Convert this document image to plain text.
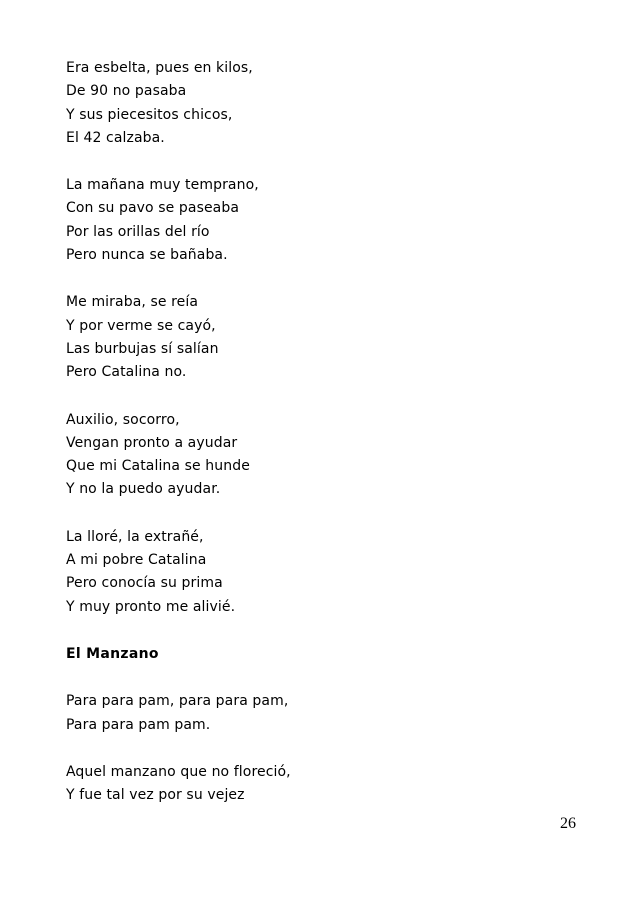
Era esbelta, pues en kilos,
De 90 no pasaba
Y sus piecesitos chicos,
El 42 calzaba.
La mañana muy temprano,
Con su pavo se paseaba
Por las orillas del río
Pero nunca se bañaba.
Me miraba, se reía
Y por verme se cayó,
Las burbujas sí salían
Pero Catalina no.
Auxilio, socorro,
Vengan pronto a ayudar
Que mi Catalina se hunde
Y no la puedo ayudar.
La lloré, la extrañé,
A mi pobre Catalina
Pero conocía su prima
Y muy pronto me alivié.
El Manzano
Para para pam, para para pam,
Para para pam pam.
Aquel manzano que no floreció,
Y fue tal vez por su vejez
26
